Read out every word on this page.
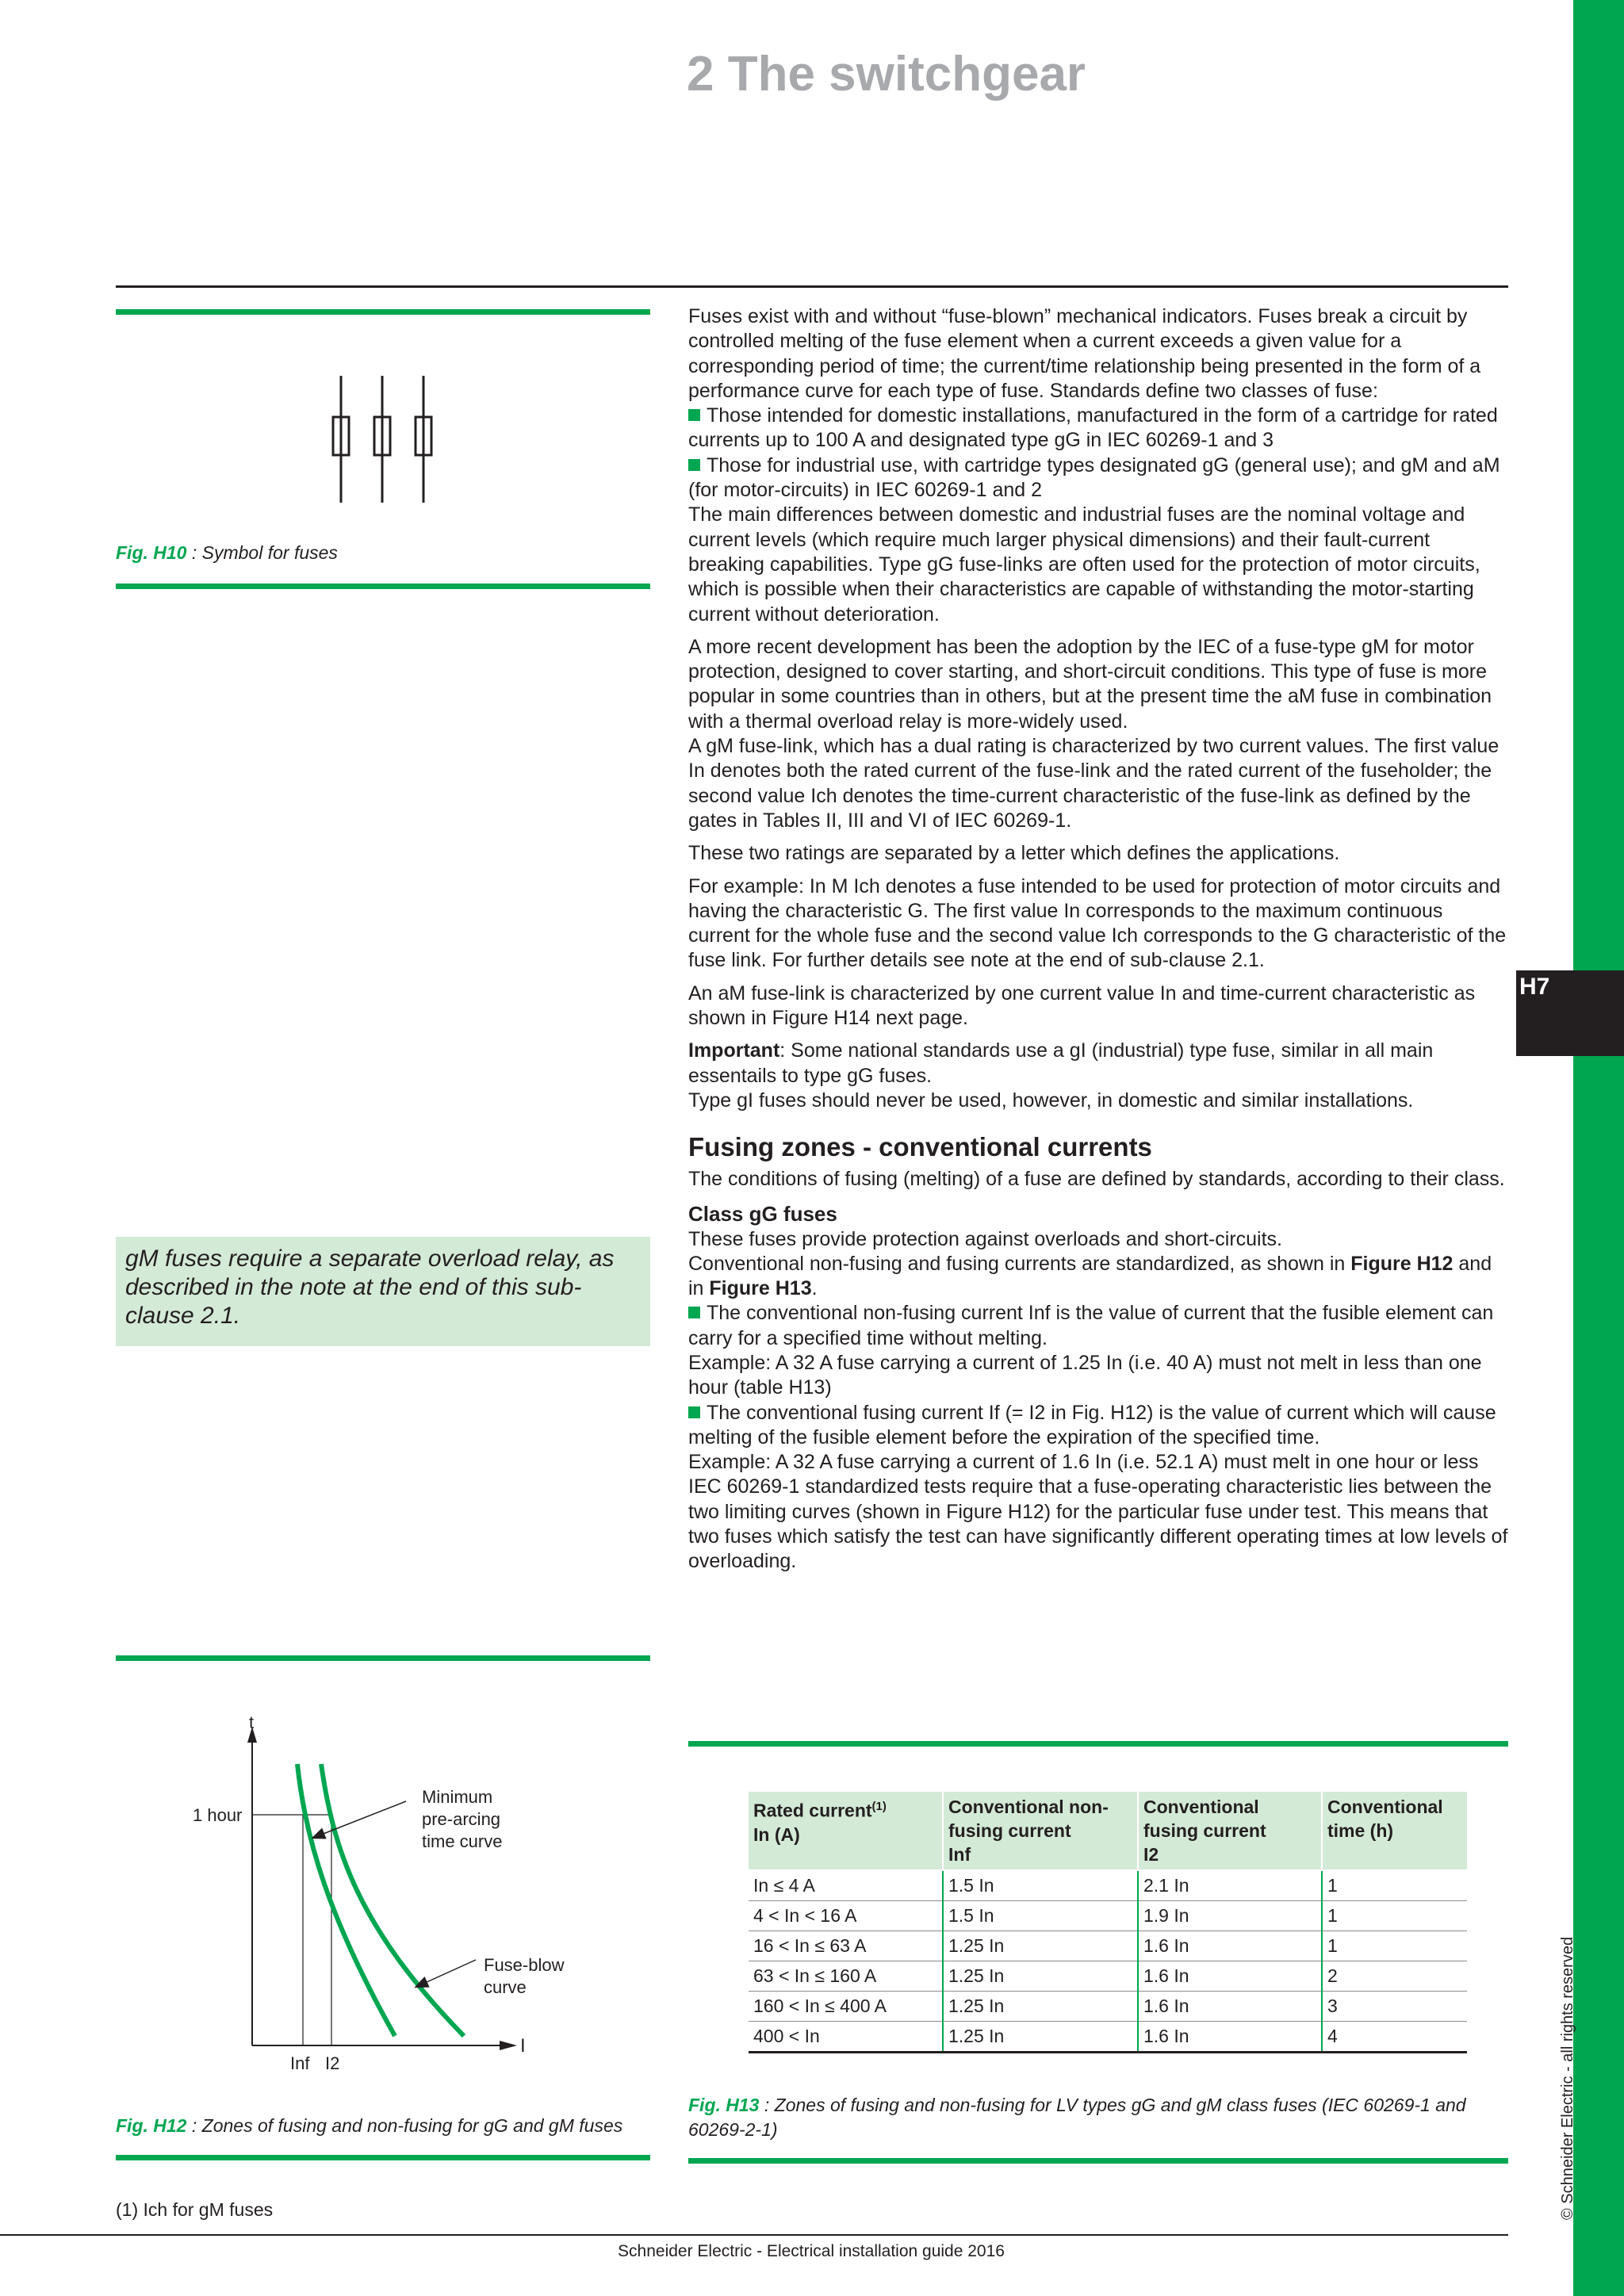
H7
© Schneider Electric - all rights reserved
2 The switchgear
Fig. H10 : Symbol for fuses
gM fuses require a separate overload relay, as described in the note at the end of this sub-clause 2.1.

Fuses exist with and without “fuse-blown” mechanical indicators. Fuses break a circuit by controlled melting of the fuse element when a current exceeds a given value for a corresponding period of time; the current/time relationship being presented in the form of a performance curve for each type of fuse. Standards define two classes of fuse:

Those intended for domestic installations, manufactured in the form of a cartridge for rated currents up to 100 A and designated type gG in IEC 60269-1 and 3

Those for industrial use, with cartridge types designated gG (general use); and gM and aM (for motor-circuits) in IEC 60269-1 and 2

The main differences between domestic and industrial fuses are the nominal voltage and current levels (which require much larger physical dimensions) and their fault-current breaking capabilities. Type gG fuse-links are often used for the protection of motor circuits, which is possible when their characteristics are capable of withstanding the motor-starting current without deterioration.

A more recent development has been the adoption by the IEC of a fuse-type gM for motor protection, designed to cover starting, and short-circuit conditions. This type of fuse is more popular in some countries than in others, but at the present time the aM fuse in combination with a thermal overload relay is more-widely used.

A gM fuse-link, which has a dual rating is characterized by two current values. The first value In denotes both the rated current of the fuse-link and the rated current of the fuseholder; the second value Ich denotes the time-current characteristic of the fuse-link as defined by the gates in Tables II, III and VI of IEC 60269-1.

These two ratings are separated by a letter which defines the applications.

For example: In M Ich denotes a fuse intended to be used for protection of motor circuits and having the characteristic G. The first value In corresponds to the maximum continuous current for the whole fuse and the second value Ich corresponds to the G characteristic of the fuse link. For further details see note at the end of sub-clause 2.1.

An aM fuse-link is characterized by one current value In and time-current characteristic as shown in Figure H14 next page.

Important: Some national standards use a gI (industrial) type fuse, similar in all main essentails to type gG fuses.

Type gI fuses should never be used, however, in domestic and similar installations.

Fusing zones - conventional currents

The conditions of fusing (melting) of a fuse are defined by standards, according to their class.

Class gG fuses

These fuses provide protection against overloads and short-circuits.

Conventional non-fusing and fusing currents are standardized, as shown in Figure H12 and in Figure H13.

The conventional non-fusing current Inf is the value of current that the fusible element can carry for a specified time without melting.

Example: A 32 A fuse carrying a current of 1.25 In (i.e. 40 A) must not melt in less than one hour (table H13)

The conventional fusing current If (= I2 in Fig. H12) is the value of current which will cause melting of the fusible element before the expiration of the specified time.

Example: A 32 A fuse carrying a current of 1.6 In (i.e. 52.1 A) must melt in one hour or less

IEC 60269-1 standardized tests require that a fuse-operating characteristic lies between the two limiting curves (shown in Figure H12) for the particular fuse under test. This means that two fuses which satisfy the test can have significantly different operating times at low levels of overloading.

t
I
1 hour
Inf I2
Minimum
pre-arcing
time curve
Fuse-blow
curve
Fig. H12 : Zones of fusing and non-fusing for gG and gM fuses
Rated current$^{(1)}$
In (A)	Conventional non-
fusing current
Inf	Conventional
fusing current
I2	Conventional
time (h)
In ≤ 4 A	1.5 In	2.1 In	1
4 < In < 16 A	1.5 In	1.9 In	1
16 < In ≤ 63 A	1.25 In	1.6 In	1
63 < In ≤ 160 A	1.25 In	1.6 In	2
160 < In ≤ 400 A	1.25 In	1.6 In	3
400 < In	1.25 In	1.6 In	4
Fig. H13 : Zones of fusing and non-fusing for LV types gG and gM class fuses (IEC 60269-1 and 60269-2-1)
(1) Ich for gM fuses
Schneider Electric - Electrical installation guide 2016
